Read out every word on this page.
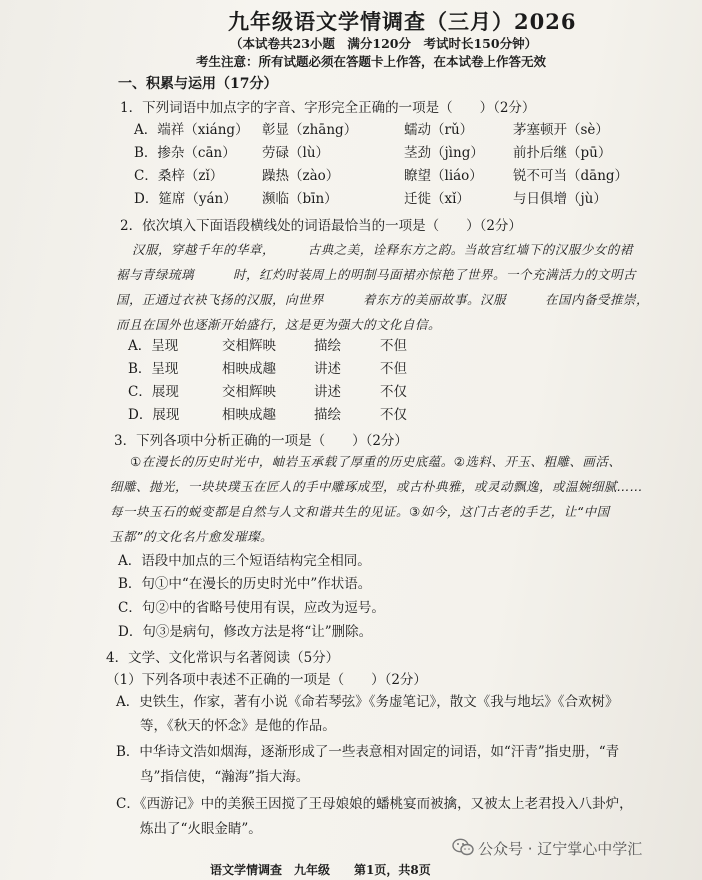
九年级语文学情调查（三月）2026
（本试卷共23小题　满分120分　考试时长150分钟）
考生注意：所有试题必须在答题卡上作答，在本试卷上作答无效
一、积累与运用（17分）
1．下列词语中加点字的字音、字形完全正确的一项是（　　）（2分）
A．端祥（xiáng） 彰显（zhāng）	蠕动（rǔ）	茅塞顿开（sè）
B．掺杂（cān） 劳碌（lù）	茎劲（jìng） 前扑后继（pū）
C．桑梓（zǐ）	躁热（zào）	瞭望（liáo） 锐不可当（dāng）
D．筵席（yán） 濒临（bīn）	迁徙（xǐ）	与日俱增（jù）
2．依次填入下面语段横线处的词语最恰当的一项是（　　）（2分）
汉服，穿越千年的华章，　　　古典之美，诠释东方之韵。当故宫红墙下的汉服少女的裙
裾与青绿琉璃　　　时，红灼时装周上的明制马面裙亦惊艳了世界。一个充满活力的文明古
国，正通过衣袂飞扬的汉服，向世界　　　着东方的美丽故事。汉服　　　在国内备受推崇，
而且在国外也逐渐开始盛行，这是更为强大的文化自信。
A．呈现	交相辉映	描绘	不但
B．呈现	相映成趣	讲述	不但
C．展现	交相辉映	讲述	不仅
D．展现	相映成趣	描绘	不仅
3．下列各项中分析正确的一项是（　　）（2分）
①在漫长的历史时光中，岫岩玉承载了厚重的历史底蕴。②选料、开玉、粗雕、画活、
细雕、抛光，一块块璞玉在匠人的手中雕琢成型，或古朴典雅，或灵动飘逸，或温婉细腻……
每一块玉石的蜕变都是自然与人文和谐共生的见证。③如今，这门古老的手艺，让“中国
玉都”的文化名片愈发璀璨。
A．语段中加点的三个短语结构完全相同。
B．句①中“在漫长的历史时光中”作状语。
C．句②中的省略号使用有误，应改为逗号。
D．句③是病句，修改方法是将“让”删除。
4．文学、文化常识与名著阅读（5分）
（1）下列各项中表述不正确的一项是（　　）（2分）
A．史铁生，作家，著有小说《命若琴弦》《务虚笔记》，散文《我与地坛》《合欢树》
等，《秋天的怀念》是他的作品。
B．中华诗文浩如烟海，逐渐形成了一些表意相对固定的词语，如“汗青”指史册，“青
鸟”指信使，“瀚海”指大海。
C．《西游记》中的美猴王因搅了王母娘娘的蟠桃宴而被擒，又被太上老君投入八卦炉，
炼出了“火眼金睛”。
公众号 · 辽宁掌心中学汇
语文学情调查　九年级　　第1页，共8页
